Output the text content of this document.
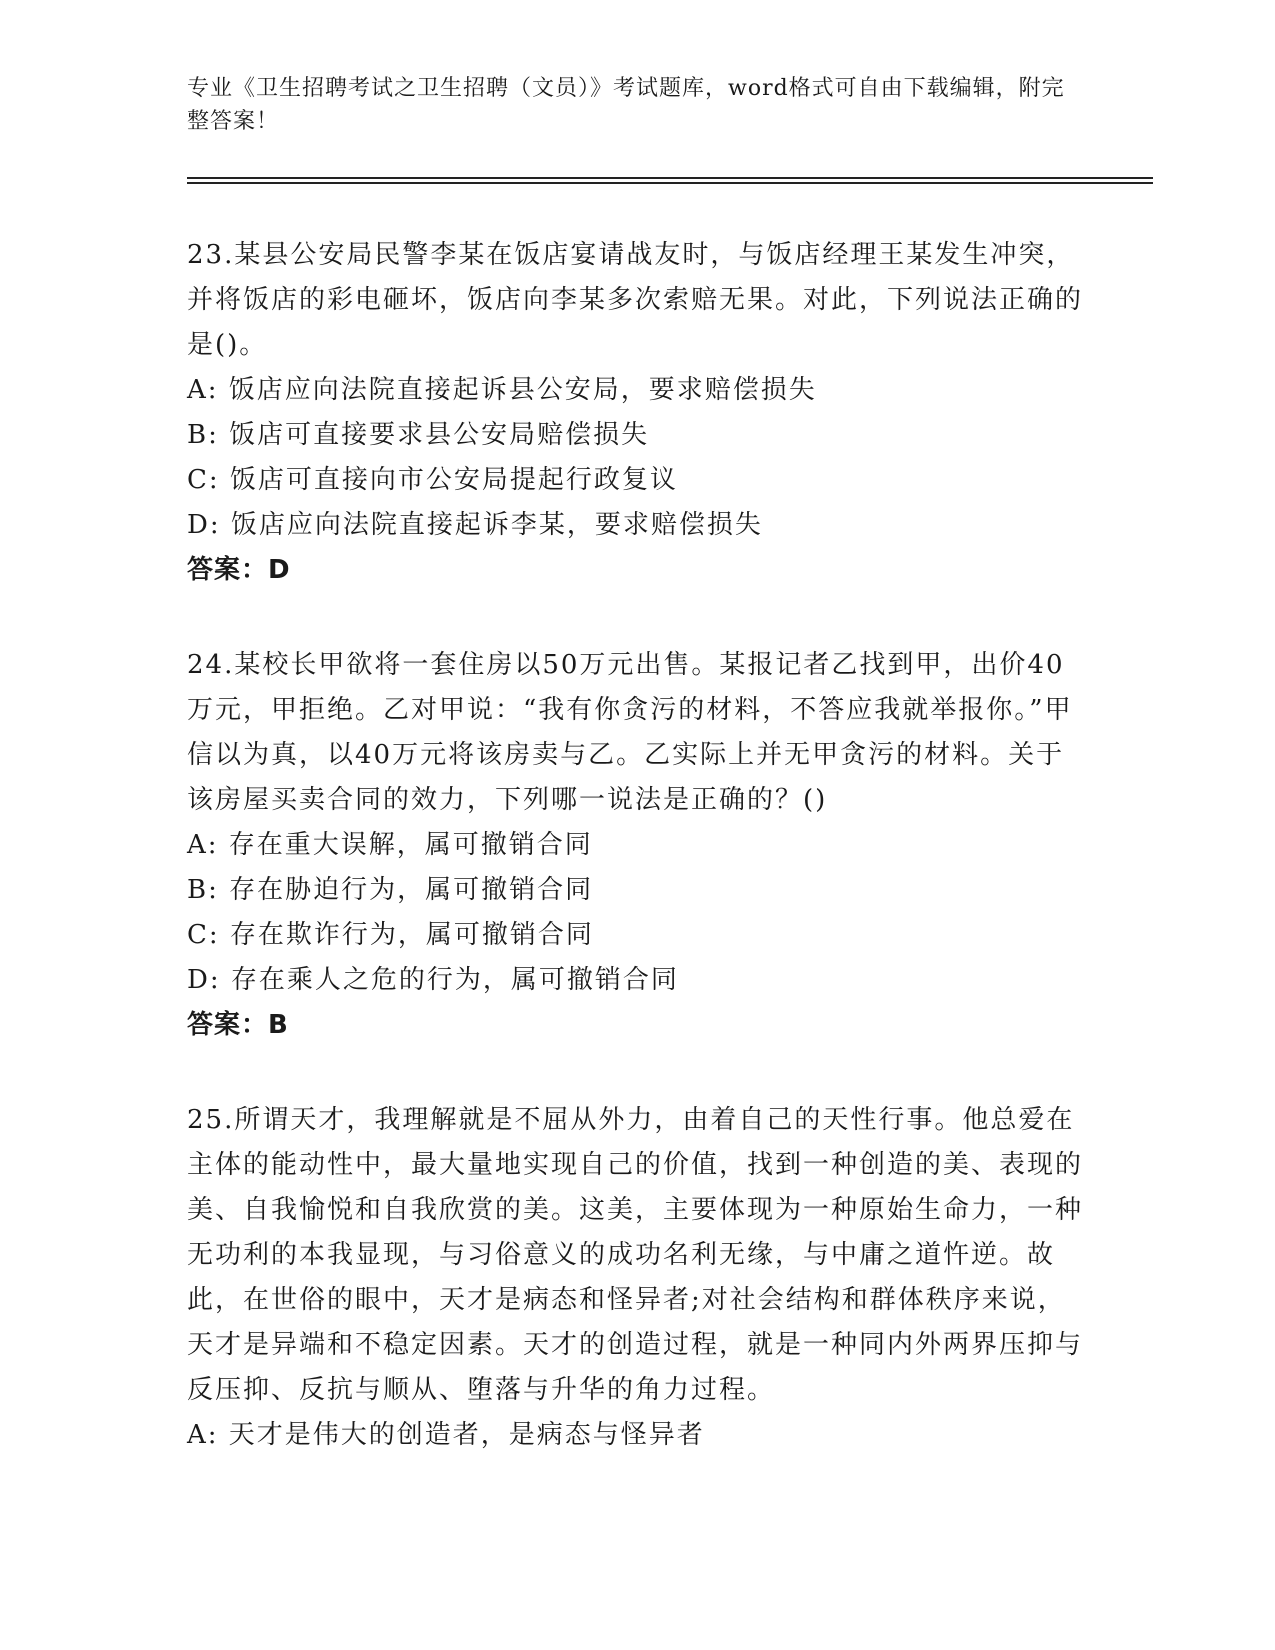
专业《卫生招聘考试之卫生招聘（文员）》考试题库，word格式可自由下载编辑，附完整答案！

23.某县公安局民警李某在饭店宴请战友时，与饭店经理王某发生冲突，并将饭店的彩电砸坏，饭店向李某多次索赔无果。对此，下列说法正确的是()。

A: 饭店应向法院直接起诉县公安局，要求赔偿损失

B: 饭店可直接要求县公安局赔偿损失

C: 饭店可直接向市公安局提起行政复议

D: 饭店应向法院直接起诉李某，要求赔偿损失

答案：D

24.某校长甲欲将一套住房以50万元出售。某报记者乙找到甲，出价40万元，甲拒绝。乙对甲说：“我有你贪污的材料，不答应我就举报你。”甲信以为真，以40万元将该房卖与乙。乙实际上并无甲贪污的材料。关于该房屋买卖合同的效力，下列哪一说法是正确的？()

A: 存在重大误解，属可撤销合同

B: 存在胁迫行为，属可撤销合同

C: 存在欺诈行为，属可撤销合同

D: 存在乘人之危的行为，属可撤销合同

答案：B

25.所谓天才，我理解就是不屈从外力，由着自己的天性行事。他总爱在主体的能动性中，最大量地实现自己的价值，找到一种创造的美、表现的美、自我愉悦和自我欣赏的美。这美，主要体现为一种原始生命力，一种无功利的本我显现，与习俗意义的成功名利无缘，与中庸之道忤逆。故此，在世俗的眼中，天才是病态和怪异者;对社会结构和群体秩序来说，天才是异端和不稳定因素。天才的创造过程，就是一种同内外两界压抑与反压抑、反抗与顺从、堕落与升华的角力过程。

A: 天才是伟大的创造者，是病态与怪异者
